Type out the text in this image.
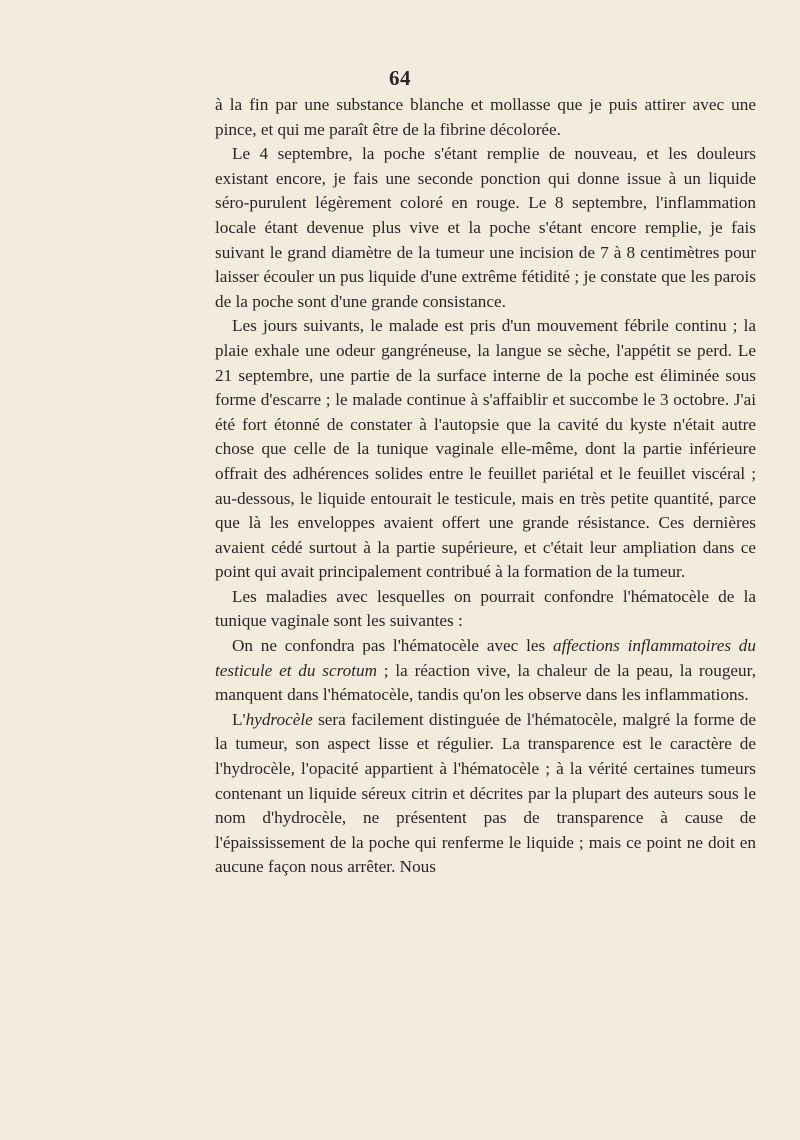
64

à la fin par une substance blanche et mollasse que je puis attirer avec une pince, et qui me paraît être de la fibrine décolorée.

Le 4 septembre, la poche s'étant remplie de nouveau, et les douleurs existant encore, je fais une seconde ponction qui donne issue à un liquide séro-purulent légèrement coloré en rouge. Le 8 septembre, l'inflammation locale étant devenue plus vive et la poche s'étant encore remplie, je fais suivant le grand diamètre de la tumeur une incision de 7 à 8 centimètres pour laisser écouler un pus liquide d'une extrême fétidité ; je constate que les parois de la poche sont d'une grande consistance.

Les jours suivants, le malade est pris d'un mouvement fébrile continu ; la plaie exhale une odeur gangréneuse, la langue se sèche, l'appétit se perd. Le 21 septembre, une partie de la surface interne de la poche est éliminée sous forme d'escarre ; le malade continue à s'affaiblir et succombe le 3 octobre. J'ai été fort étonné de constater à l'autopsie que la cavité du kyste n'était autre chose que celle de la tunique vaginale elle-même, dont la partie inférieure offrait des adhérences solides entre le feuillet pariétal et le feuillet viscéral ; au-dessous, le liquide entourait le testicule, mais en très petite quantité, parce que là les enveloppes avaient offert une grande résistance. Ces dernières avaient cédé surtout à la partie supérieure, et c'était leur ampliation dans ce point qui avait principalement contribué à la formation de la tumeur.

Les maladies avec lesquelles on pourrait confondre l'hématocèle de la tunique vaginale sont les suivantes :

On ne confondra pas l'hématocèle avec les affections inflammatoires du testicule et du scrotum ; la réaction vive, la chaleur de la peau, la rougeur, manquent dans l'hématocèle, tandis qu'on les observe dans les inflammations.

L'hydrocèle sera facilement distinguée de l'hématocèle, malgré la forme de la tumeur, son aspect lisse et régulier. La transparence est le caractère de l'hydrocèle, l'opacité appartient à l'hématocèle ; à la vérité certaines tumeurs contenant un liquide séreux citrin et décrites par la plupart des auteurs sous le nom d'hydrocèle, ne présentent pas de transparence à cause de l'épaississement de la poche qui renferme le liquide ; mais ce point ne doit en aucune façon nous arrêter. Nous
